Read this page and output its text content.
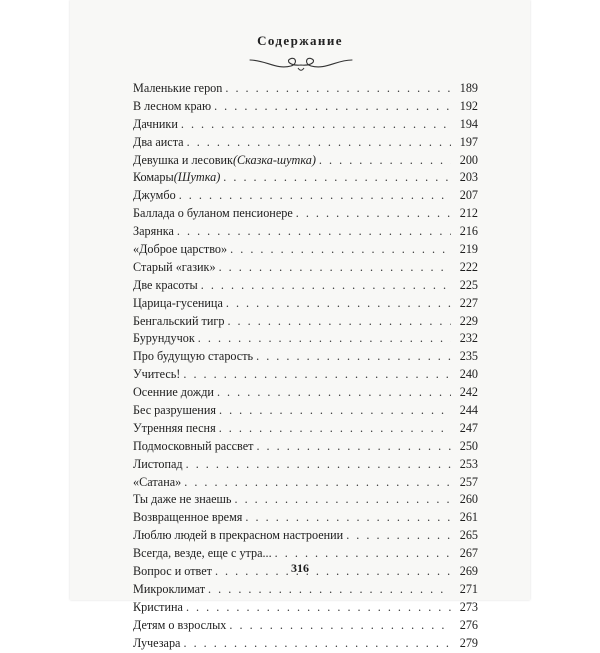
Содержание
Маленькие героn . . .	189
В лесном краю . . .	192
Дачники . . .	194
Два аиста . . .	197
Девушка и лесовик (Сказка-шутка) . . .	200
Комары (Шутка) . . .	203
Джумбо . . .	207
Баллада о буланом пенсионере . . .	212
Зарянка . . .	216
«Доброе царство» . . .	219
Старый «газик» . . .	222
Две красоты . . .	225
Царица-гусеница . . .	227
Бенгальский тигр . . .	229
Бурундучок . . .	232
Про будущую старость . . .	235
Учитесь! . . .	240
Осенние дожди . . .	242
Бес разрушения . . .	244
Утренняя песня . . .	247
Подмосковный рассвет . . .	250
Листопад . . .	253
«Сатана» . . .	257
Ты даже не знаешь . . .	260
Возвращенное время . . .	261
Люблю людей в прекрасном настроении . . .	265
Всегда, везде, еще с утра... . . .	267
Вопрос и ответ . . .	269
Микроклимат . . .	271
Кристина . . .	273
Детям о взрослых . . .	276
Лучезара . . .	279
316
